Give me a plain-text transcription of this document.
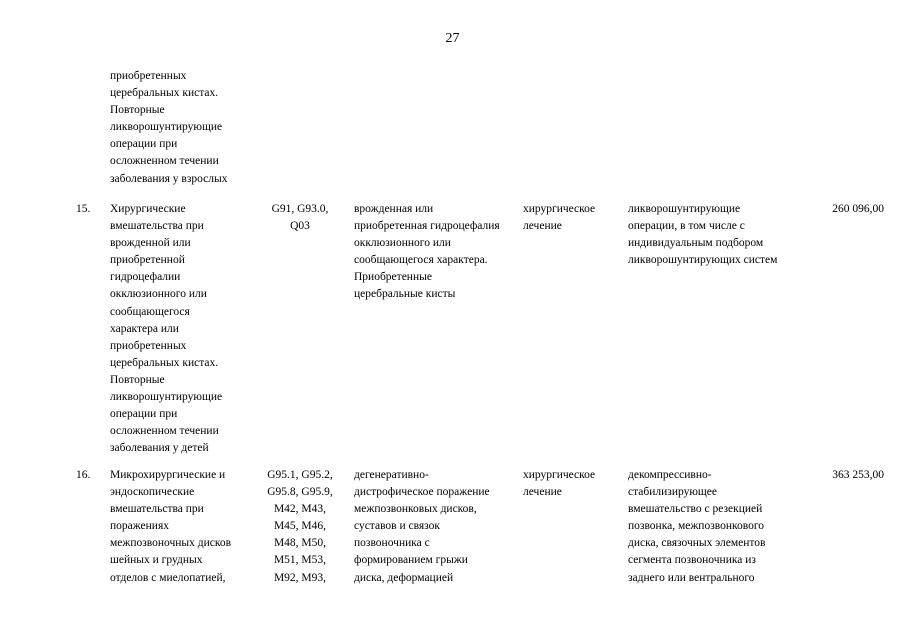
27
приобретенных
церебральных кистах.
Повторные
ликворошунтирующие
операции при
осложненном течении
заболевания у взрослых
15.	Хирургические
вмешательства при
врожденной или
приобретенной
гидроцефалии
окклюзионного или
сообщающегося
характера или
приобретенных
церебральных кистах.
Повторные
ликворошунтирующие
операции при
осложненном течении
заболевания у детей
G91, G93.0,
Q03
врожденная или
приобретенная гидроцефалия
окклюзионного или
сообщающегося характера.
Приобретенные
церебральные кисты
хирургическое
лечение
ликворошунтирующие
операции, в том числе с
индивидуальным подбором
ликворошунтирующих систем
260 096,00
16.	Микрохирургические и
эндоскопические
вмешательства при
поражениях
межпозвоночных дисков
шейных и грудных
отделов с миелопатией,
G95.1, G95.2,
G95.8, G95.9,
M42, M43,
M45, M46,
M48, M50,
M51, M53,
M92, M93,
дегенеративно-
дистрофическое поражение
межпозвонковых дисков,
суставов и связок
позвоночника с
формированием грыжи
диска, деформацией
хирургическое
лечение
декомпрессивно-
стабилизирующее
вмешательство с резекцией
позвонка, межпозвонкового
диска, связочных элементов
сегмента позвоночника из
заднего или вентрального
363 253,00
